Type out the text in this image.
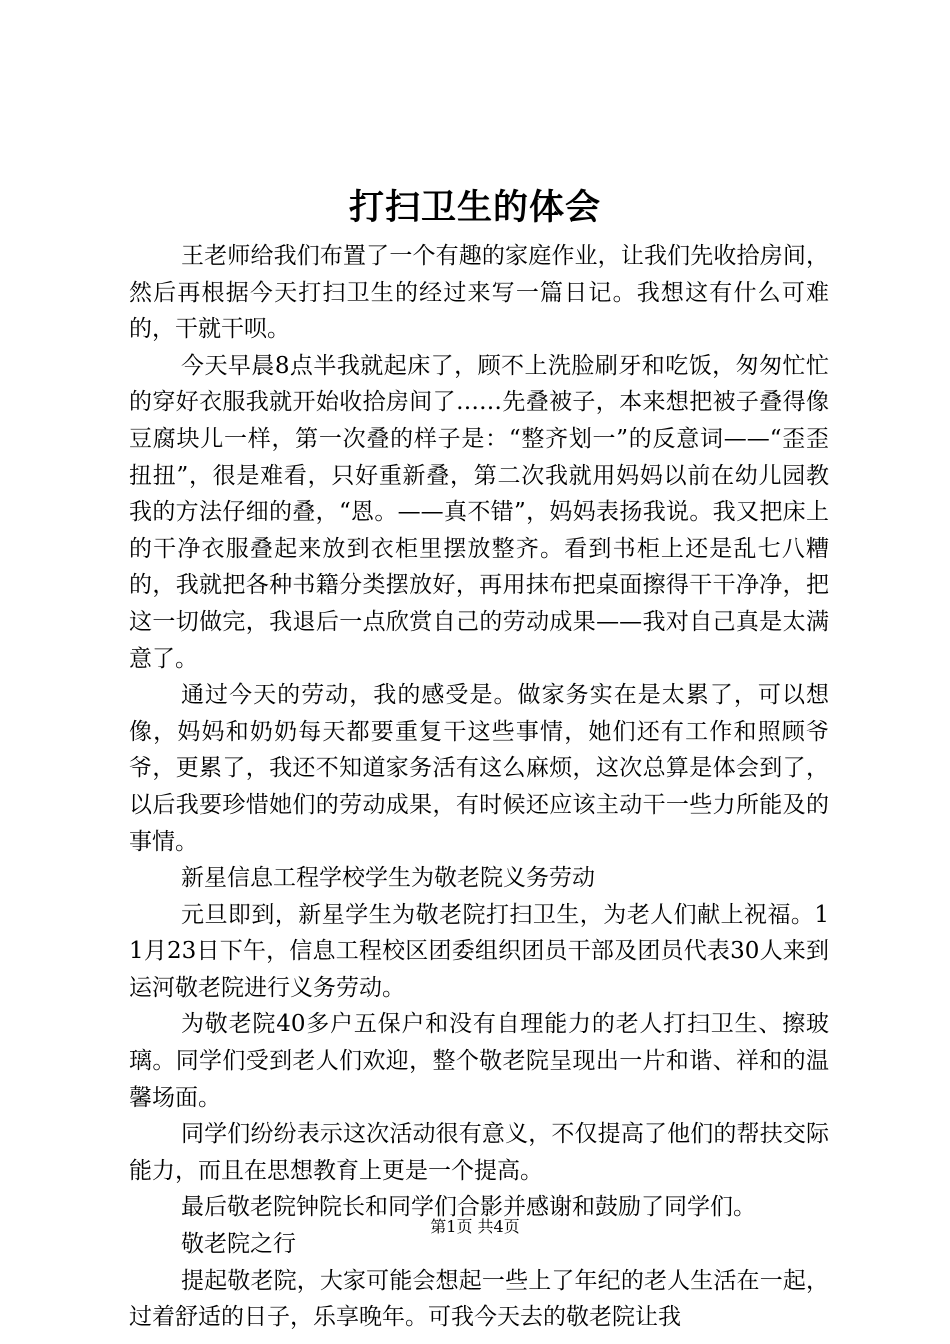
打扫卫生的体会

王老师给我们布置了一个有趣的家庭作业，让我们先收拾房间，然后再根据今天打扫卫生的经过来写一篇日记。我想这有什么可难的，干就干呗。

今天早晨8点半我就起床了，顾不上洗脸刷牙和吃饭，匆匆忙忙的穿好衣服我就开始收拾房间了……先叠被子，本来想把被子叠得像豆腐块儿一样，第一次叠的样子是：“整齐划一”的反意词——“歪歪扭扭”，很是难看，只好重新叠，第二次我就用妈妈以前在幼儿园教我的方法仔细的叠，“恩。——真不错”，妈妈表扬我说。我又把床上的干净衣服叠起来放到衣柜里摆放整齐。看到书柜上还是乱七八糟的，我就把各种书籍分类摆放好，再用抹布把桌面擦得干干净净，把这一切做完，我退后一点欣赏自己的劳动成果——我对自己真是太满意了。

通过今天的劳动，我的感受是。做家务实在是太累了，可以想像，妈妈和奶奶每天都要重复干这些事情，她们还有工作和照顾爷爷，更累了，我还不知道家务活有这么麻烦，这次总算是体会到了，以后我要珍惜她们的劳动成果，有时候还应该主动干一些力所能及的事情。

新星信息工程学校学生为敬老院义务劳动

元旦即到，新星学生为敬老院打扫卫生，为老人们献上祝福。11月23日下午，信息工程校区团委组织团员干部及团员代表30人来到运河敬老院进行义务劳动。

为敬老院40多户五保户和没有自理能力的老人打扫卫生、擦玻璃。同学们受到老人们欢迎，整个敬老院呈现出一片和谐、祥和的温馨场面。

同学们纷纷表示这次活动很有意义，不仅提高了他们的帮扶交际能力，而且在思想教育上更是一个提高。

最后敬老院钟院长和同学们合影并感谢和鼓励了同学们。

敬老院之行

提起敬老院，大家可能会想起一些上了年纪的老人生活在一起，过着舒适的日子，乐享晚年。可我今天去的敬老院让我

第1页 共4页
